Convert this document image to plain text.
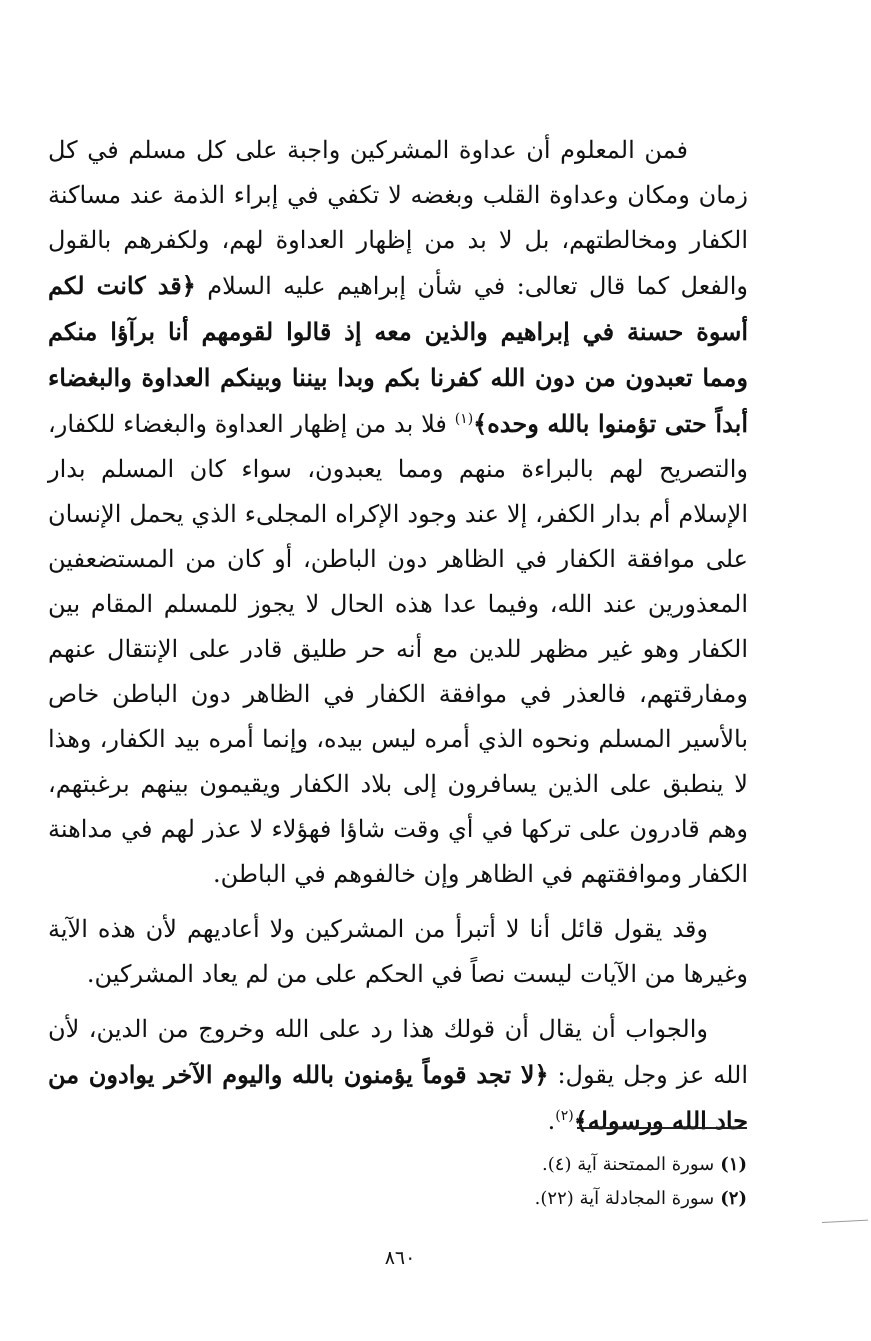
فمن المعلوم أن عداوة المشركين واجبة على كل مسلم في كل زمان ومكان وعداوة القلب وبغضه لا تكفي في إبراء الذمة عند مساكنة الكفار ومخالطتهم، بل لا بد من إظهار العداوة لهم، ولكفرهم بالقول والفعل كما قال تعالى: في شأن إبراهيم عليه السلام ﴿قد كانت لكم أسوة حسنة في إبراهيم والذين معه إذ قالوا لقومهم أنا برآؤا منكم ومما تعبدون من دون الله كفرنا بكم وبدا بيننا وبينكم العداوة والبغضاء أبداً حتى تؤمنوا بالله وحده﴾$^{(١)}$ فلا بد من إظهار العداوة والبغضاء للكفار، والتصريح لهم بالبراءة منهم ومما يعبدون، سواء كان المسلم بدار الإسلام أم بدار الكفر، إلا عند وجود الإكراه المجلىء الذي يحمل الإنسان على موافقة الكفار في الظاهر دون الباطن، أو كان من المستضعفين المعذورين عند الله، وفيما عدا هذه الحال لا يجوز للمسلم المقام بين الكفار وهو غير مظهر للدين مع أنه حر طليق قادر على الإنتقال عنهم ومفارقتهم، فالعذر في موافقة الكفار في الظاهر دون الباطن خاص بالأسير المسلم ونحوه الذي أمره ليس بيده، وإنما أمره بيد الكفار، وهذا لا ينطبق على الذين يسافرون إلى بلاد الكفار ويقيمون بينهم برغبتهم، وهم قادرون على تركها في أي وقت شاؤا فهؤلاء لا عذر لهم في مداهنة الكفار وموافقتهم في الظاهر وإن خالفوهم في الباطن.

وقد يقول قائل أنا لا أتبرأ من المشركين ولا أعاديهم لأن هذه الآية وغيرها من الآيات ليست نصاً في الحكم على من لم يعاد المشركين.

والجواب أن يقال أن قولك هذا رد على الله وخروج من الدين، لأن الله عز وجل يقول: ﴿لا تجد قوماً يؤمنون بالله واليوم الآخر يوادون من حاد الله ورسوله﴾$^{(٢)}$.

(١)سورة الممتحنة آية (٤).

(٢)سورة المجادلة آية (٢٢).

٨٦٠
